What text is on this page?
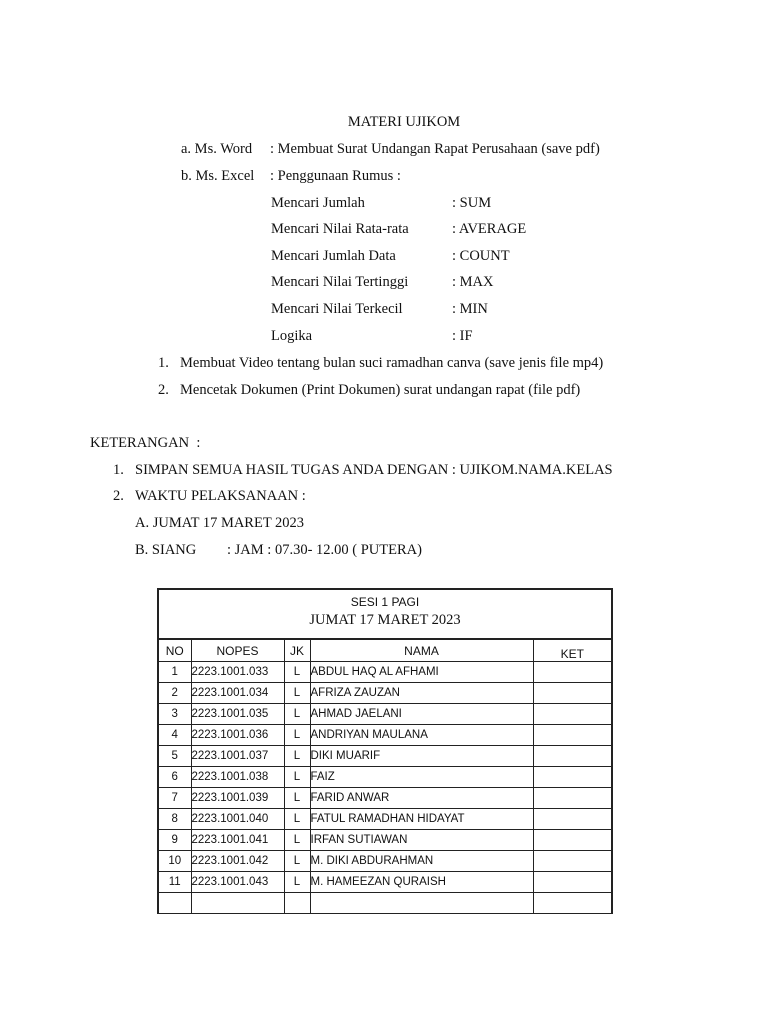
MATERI UJIKOM
a. Ms. Word : Membuat Surat Undangan Rapat Perusahaan (save pdf)
b. Ms. Excel : Penggunaan Rumus :
Mencari Jumlah	: SUM
Mencari Nilai Rata-rata	: AVERAGE
Mencari Jumlah Data	: COUNT
Mencari Nilai Tertinggi	: MAX
Mencari Nilai Terkecil	: MIN
Logika	: IF
1. Membuat Video tentang bulan suci ramadhan canva (save jenis file mp4)
2. Mencetak Dokumen (Print Dokumen) surat undangan rapat (file pdf)
KETERANGAN  :
1. SIMPAN SEMUA HASIL TUGAS ANDA DENGAN : UJIKOM.NAMA.KELAS
2. WAKTU PELAKSANAAN :
A. JUMAT 17 MARET 2023
B. SIANG : JAM : 07.30- 12.00 ( PUTERA)
SESI 1 PAGI
JUMAT 17 MARET 2023				

NO	NOPES	JK	NAMA	KET
1	2223.1001.033	L	ABDUL HAQ AL AFHAMI	
2	2223.1001.034	L	AFRIZA ZAUZAN	
3	2223.1001.035	L	AHMAD JAELANI	
4	2223.1001.036	L	ANDRIYAN MAULANA	
5	2223.1001.037	L	DIKI MUARIF	
6	2223.1001.038	L	FAIZ	
7	2223.1001.039	L	FARID ANWAR	
8	2223.1001.040	L	FATUL RAMADHAN HIDAYAT	
9	2223.1001.041	L	IRFAN SUTIAWAN	
10	2223.1001.042	L	M. DIKI ABDURAHMAN	
11	2223.1001.043	L	M. HAMEEZAN QURAISH	
